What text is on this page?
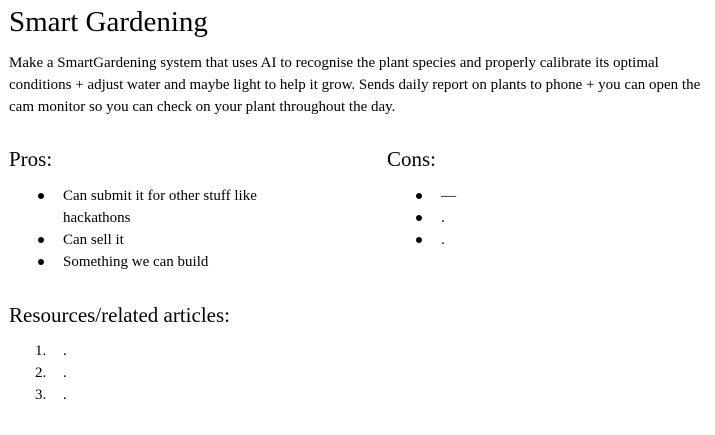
Smart Gardening

Make a SmartGardening system that uses AI to recognise the plant species and properly calibrate its optimal conditions + adjust water and maybe light to help it grow. Sends daily report on plants to phone + you can open the cam monitor so you can check on your plant throughout the day.

Pros:
Can submit it for other stuff like hackathons
Can sell it
Something we can build
Cons:
—
.
.
Resources/related articles:
1. .
2. .
3. .
